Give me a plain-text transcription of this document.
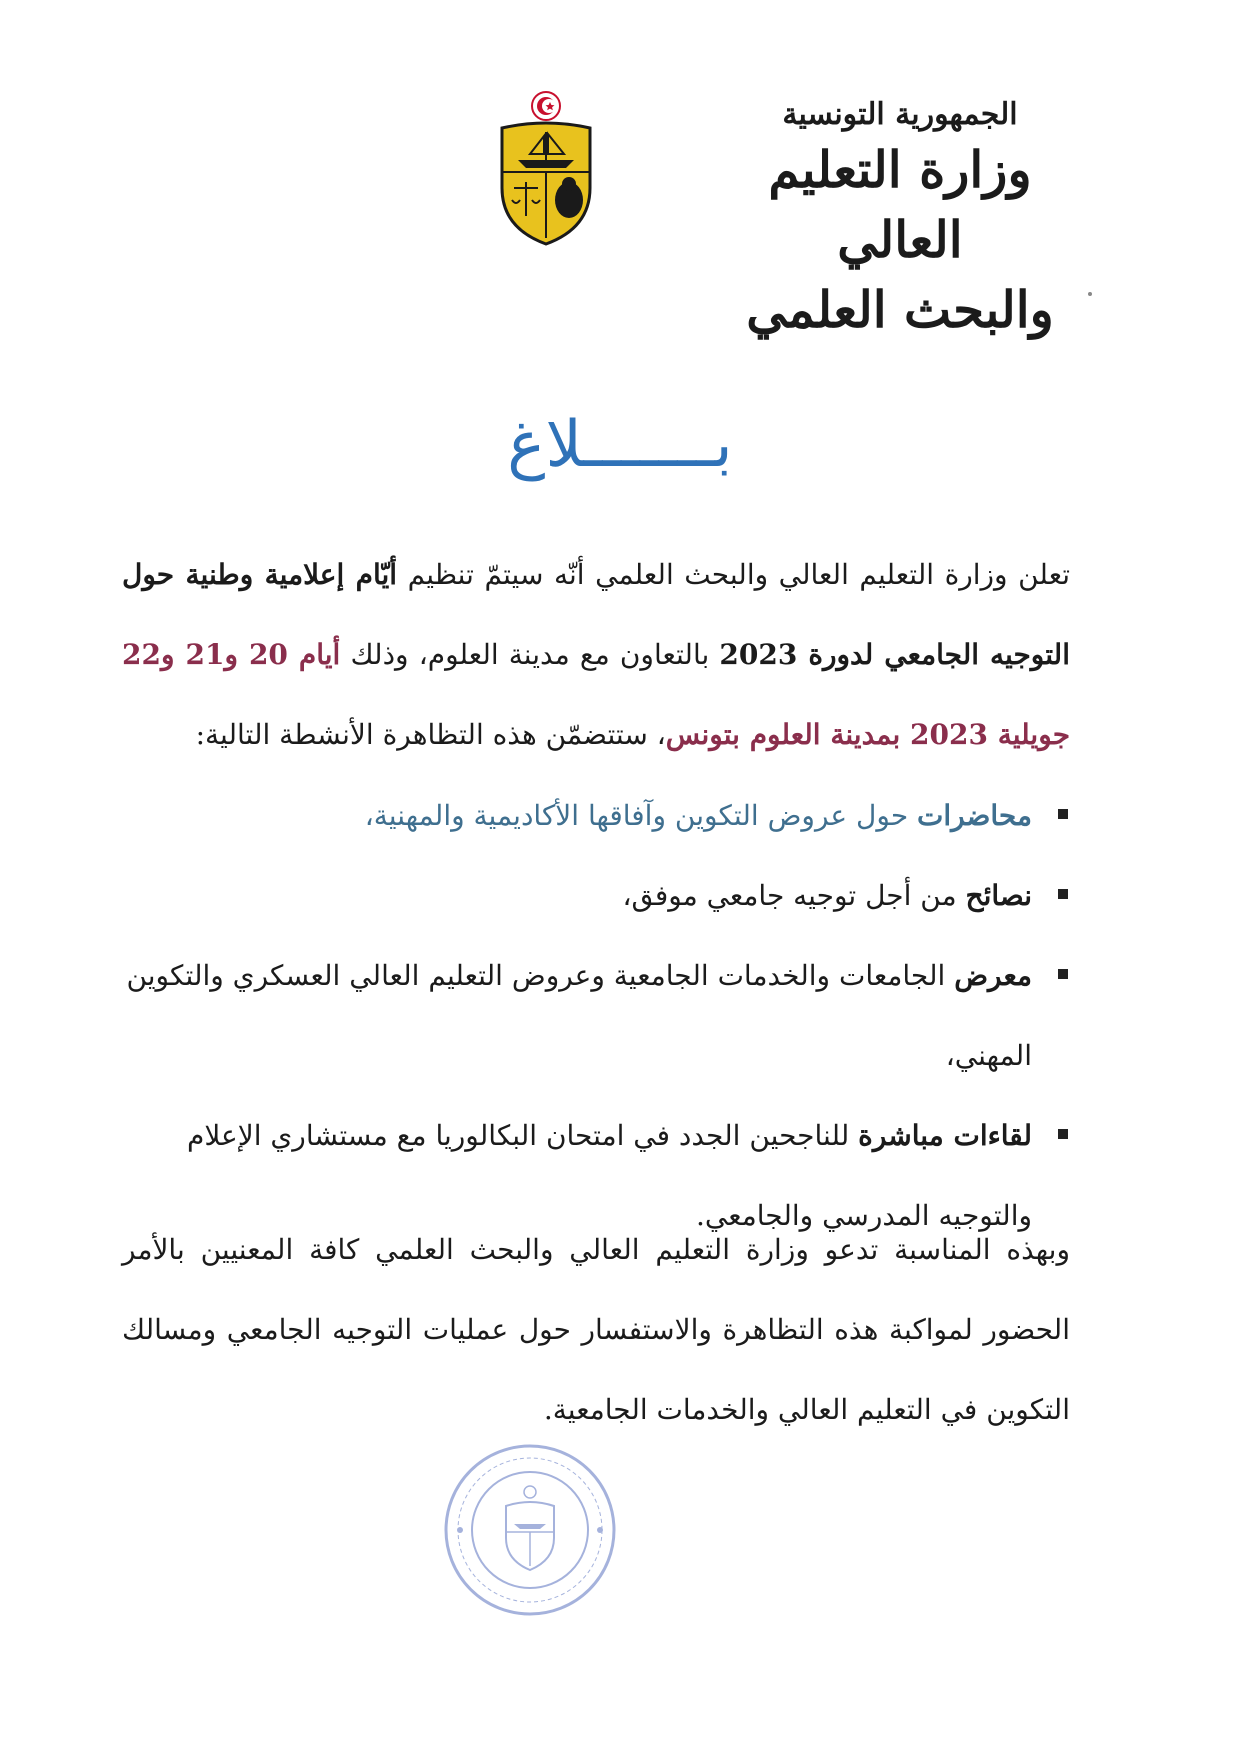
الجمهورية التونسية
وزارة التعليم العالي
والبحث العلمي
بـــــــلاغ
تعلن وزارة التعليم العالي والبحث العلمي أنّه سيتمّ تنظيم أيّام إعلامية وطنية حول التوجيه الجامعي لدورة 2023 بالتعاون مع مدينة العلوم، وذلك أيام 20 و21 و22 جويلية 2023 بمدينة العلوم بتونس، ستتضمّن هذه التظاهرة الأنشطة التالية:
محاضرات حول عروض التكوين وآفاقها الأكاديمية والمهنية،
نصائح من أجل توجيه جامعي موفق،
معرض الجامعات والخدمات الجامعية وعروض التعليم العالي العسكري والتكوين المهني،
لقاءات مباشرة للناجحين الجدد في امتحان البكالوريا مع مستشاري الإعلام والتوجيه المدرسي والجامعي.
وبهذه المناسبة تدعو وزارة التعليم العالي والبحث العلمي كافة المعنيين بالأمر الحضور لمواكبة هذه التظاهرة والاستفسار حول عمليات التوجيه الجامعي ومسالك التكوين في التعليم العالي والخدمات الجامعية.
